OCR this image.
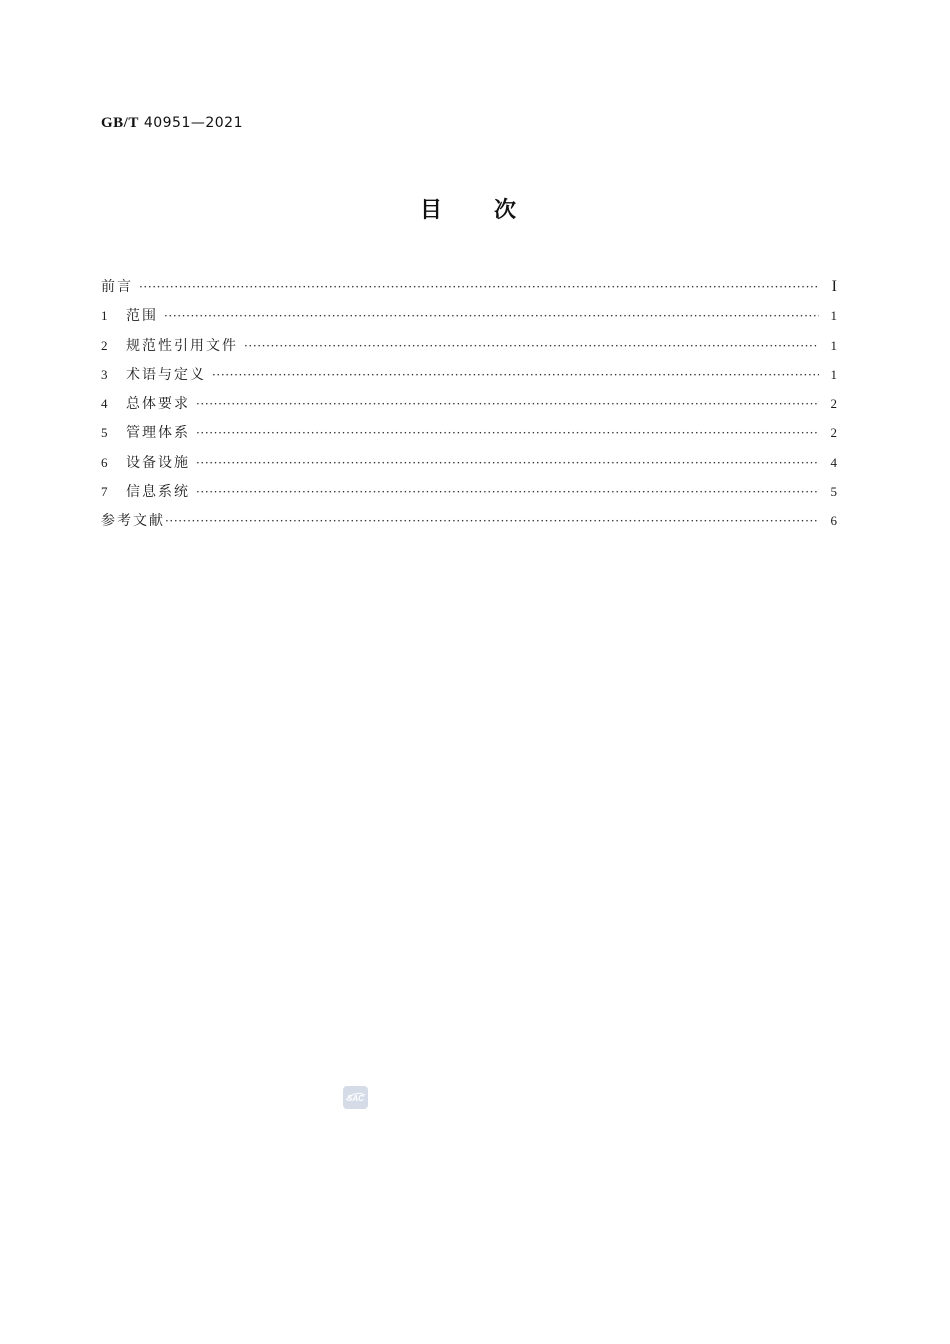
GB/T 40951—2021
目次
前言 ·····	I
1	范围 ·····	1
2	规范性引用文件 ·····	1
3	术语与定义 ·····	1
4	总体要求 ·····	2
5	管理体系 ·····	2
6	设备设施 ·····	4
7	信息系统 ·····	5
参考文献 ·····	6
SAC
